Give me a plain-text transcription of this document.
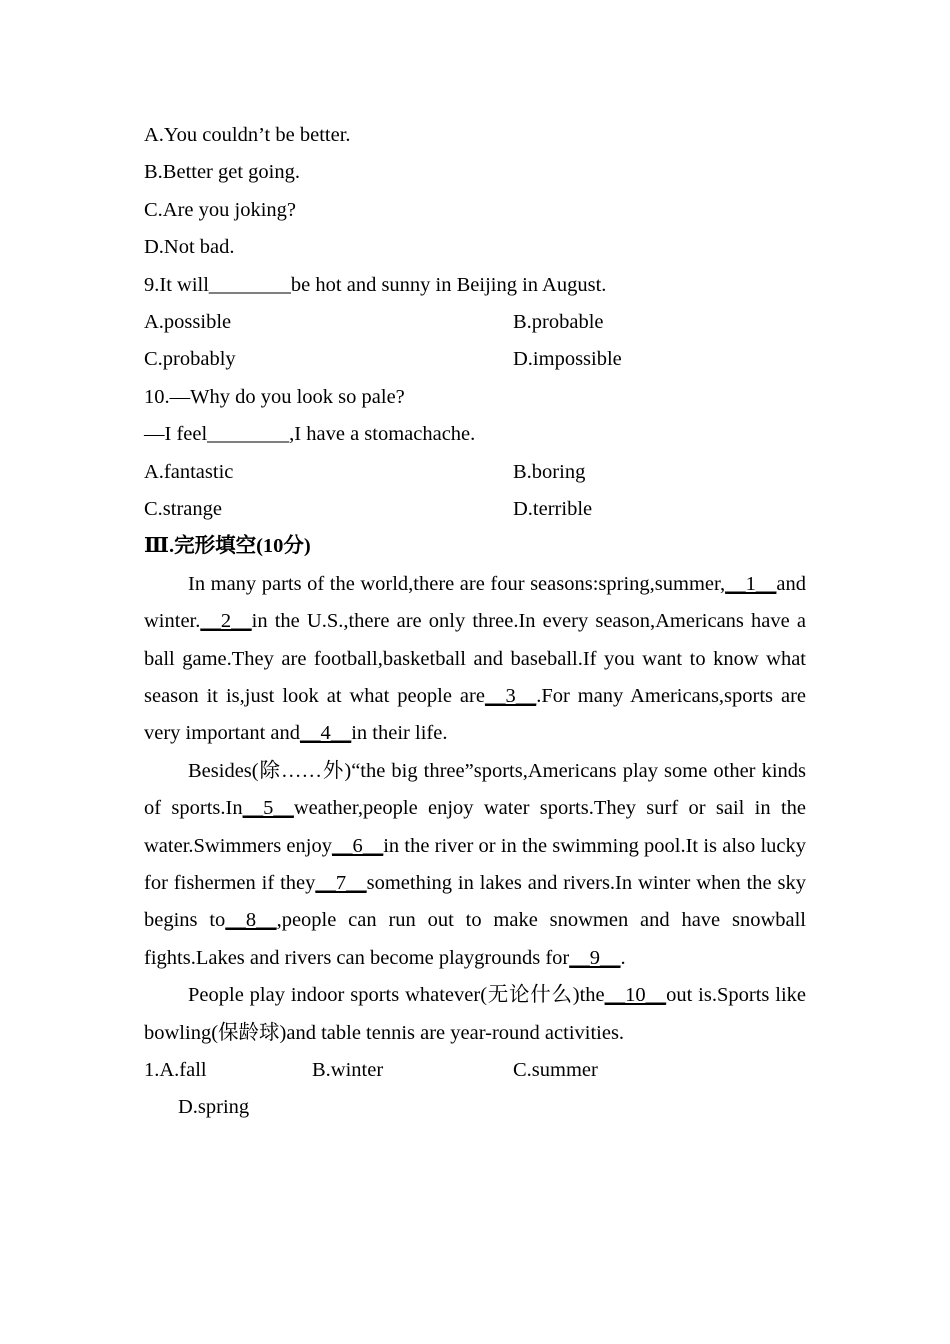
A.You couldn’t be better.
B.Better get going.
C.Are you joking?
D.Not bad.
9.It will________be hot and sunny in Beijing in August.
A.possible	B.probable
C.probably	D.impossible
10.—Why do you look so pale?
—I feel________,I have a stomachache.
A.fantastic	B.boring
C.strange	D.terrible
Ⅲ.完形填空(10分)

In many parts of the world,there are four seasons:spring,summer,__1__and winter.__2__in the U.S.,there are only three.In every season,Americans have a ball game.They are football,basketball and baseball.If you want to know what season it is,just look at what people are__3__.For many Americans,sports are very important and__4__in their life.

Besides(除……外)“the big three”sports,Americans play some other kinds of sports.In__5__weather,people enjoy water sports.They surf or sail in the water.Swimmers enjoy__6__in the river or in the swimming pool.It is also lucky for fishermen if they__7__something in lakes and rivers.In winter when the sky begins to__8__,people can run out to make snowmen and have snowball fights.Lakes and rivers can become playgrounds for__9__.

People play indoor sports whatever(无论什么)the__10__out is.Sports like bowling(保龄球)and table tennis are year-round activities.

1.A.fall	B.winter	C.summer
D.spring
